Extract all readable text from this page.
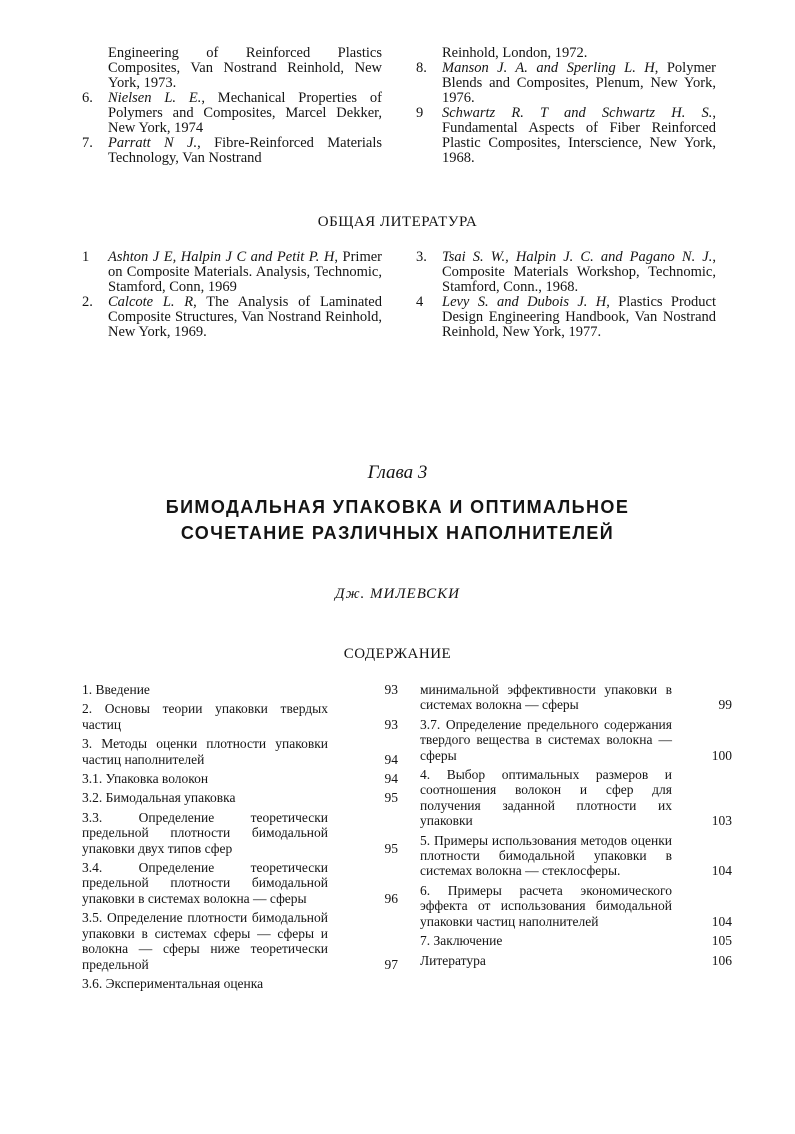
Engineering of Reinforced Plastics Composites, Van Nostrand Reinhold, New York, 1973.

6. Nielsen L. E., Mechanical Properties of Polymers and Composites, Marcel Dekker, New York, 1974

7. Parratt N J., Fibre-Reinforced Materials Technology, Van Nostrand

Reinhold, London, 1972.

8. Manson J. A. and Sperling L. H, Polymer Blends and Composites, Plenum, New York, 1976.

9 Schwartz R. T and Schwartz H. S., Fundamental Aspects of Fiber Reinforced Plastic Composites, Interscience, New York, 1968.

ОБЩАЯ ЛИТЕРАТУРА

1 Ashton J E, Halpin J C and Petit P. H, Primer on Composite Materials. Analysis, Technomic, Stamford, Conn, 1969

2. Calcote L. R, The Analysis of Laminated Composite Structures, Van Nostrand Reinhold, New York, 1969.

3. Tsai S. W., Halpin J. C. and Pagano N. J., Composite Materials Workshop, Technomic, Stamford, Conn., 1968.

4 Levy S. and Dubois J. H, Plastics Product Design Engineering Handbook, Van Nostrand Reinhold, New York, 1977.

Глава 3
БИМОДАЛЬНАЯ УПАКОВКА И ОПТИМАЛЬНОЕ
СОЧЕТАНИЕ РАЗЛИЧНЫХ НАПОЛНИТЕЛЕЙ
Дж. МИЛЕВСКИ
СОДЕРЖАНИЕ
1. Введение	93
2. Основы теории упаковки твердых частиц	93
3. Методы оценки плотности упаковки частиц наполнителей	94
3.1. Упаковка волокон	94
3.2. Бимодальная упаковка	95
3.3. Определение теоретически предельной плотности бимодальной упаковки двух типов сфер	95
3.4. Определение теоретически предельной плотности бимодальной упаковки в системах волокна — сферы	96
3.5. Определение плотности бимодальной упаковки в системах сферы — сферы и волокна — сферы ниже теоретически предельной	97
3.6. Экспериментальная оценка
минимальной эффективности упаковки в системах волокна — сферы	99
3.7. Определение предельного содержания твердого вещества в системах волокна — сферы	100
4. Выбор оптимальных размеров и соотношения волокон и сфер для получения заданной плотности их упаковки	103
5. Примеры использования методов оценки плотности бимодальной упаковки в системах волокна — стеклосферы.	104
6. Примеры расчета экономического эффекта от использования бимодальной упаковки частиц наполнителей	104
7. Заключение	105
Литература	106
